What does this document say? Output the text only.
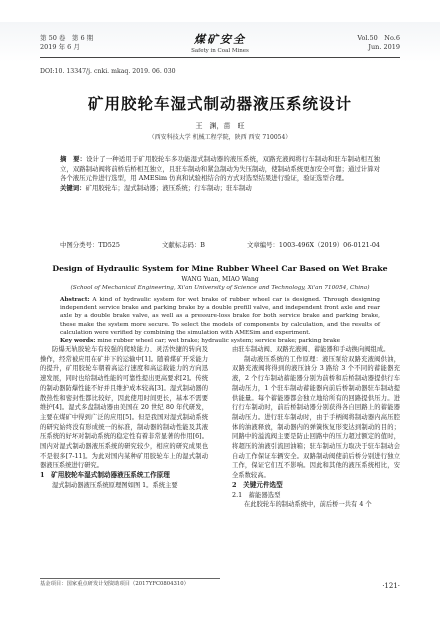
第 50 卷　第 6 期
2019 年 6 月
煤矿安全
Safety in Coal Mines
Vol.50　No.6
Jun. 2019
DOI:10. 13347/j. cnki. mkaq. 2019. 06. 030
矿用胶轮车湿式制动器液压系统设计
王　渊，苗　旺
（西安科技大学 机械工程学院，陕西 西安 710054）
摘　要：设计了一种适用于矿用胶轮车多功能湿式制动器的液压系统，双路充液阀将行车制动和驻车制动相互独立，双路制动阀将前桥后桥相互独立，且驻车制动和紧急制动为失压制动，使制动系统更加安全可靠；通过计算对各个液压元件进行选型，用 AMESim 仿真和试验相结合的方式对选型结果进行验证，验证选型合理。
关键词：矿用胶轮车；湿式制动器；液压系统；行车制动；驻车制动
中图分类号：TD525	文献标志码：B	文章编号：1003-496X（2019）06-0121-04
Design of Hydraulic System for Mine Rubber Wheel Car Based on Wet Brake
WANG Yuan, MIAO Wang
(School of Mechanical Engineering, Xi'an University of Science and Technology, Xi'an 710054, China)
Abstract: A kind of hydraulic system for wet brake of rubber wheel car is designed. Through designing independent service brake and parking brake by a double prefill valve, and independent front axle and rear axle by a double brake valve, as well as a pressure-loss brake for both service brake and parking brake, these make the system more secure. To select the models of components by calculation, and the results of calculation were verified by combining the simulation with AMESim and experiment.
Key words: mine rubber wheel car; wet brake; hydraulic system; service brake; parking brake

防爆无轨胶轮车有较强的爬坡能力、灵活快捷的转向及操作，经常被应用在矿井下的运输中[1]。随着煤矿开采能力的提升，矿用胶轮车朝着高运行速度和高运载能力的方向迅速发展，同时也给制动性能的可靠性提出更高要求[2]。传统的制动器防爆性能不好并且维护成本较高[3]。湿式制动器的散热性和密封性都比较好，因此使用时间更长，基本不需要维护[4]。湿式多盘制动器由美国在 20 世纪 80 年代研发，主要在煤矿中得到广泛的应用[5]。但是我国对湿式制动系统的研究始终没有形成统一的标准，制动器的制动性能及其液压系统的好坏对制动系统的稳定性有着非常显著的作用[6]。国内对湿式制动器液压系统的研究较少，相应的研究成果也不是很多[7-11]。为此对国内某种矿用胶轮车上的湿式制动器液压系统进行研究。

1　矿用胶轮车湿式制动器液压系统工作原理

湿式制动器液压系统原理图如图 1。系统主要

由驻车制动阀、双路充液阀、蓄能器和手动换向阀组成。

制动液压系统的工作原理：液压泵给双路充液阀供油，双路充液阀将得到的液压油分 3 路给 3 个不同的蓄能器充液，2 个行车制动蓄能器分别为前桥和后桥制动器提供行车制动压力，1 个驻车制动蓄能器向前后桥制动器驻车制动提供能量。每个蓄能器都会独立地给所有的回路提供压力。进行行车制动时，前后桥制动器分别获得各自回路上的蓄能器制动压力。进行驻车制动时，由于手柄阀将制动器内高压腔体的油液释放，制动器内的弹簧恢复形变达到制动的目的；同路中的溢流阀主要是防止回路中的压力超过额定的值时，将超压的油液引流回油箱；驻车制动压力取决于驻车制动会自动工作保证车辆安全。双路制动阀使前后桥分别进行独立工作，保证它们互不影响。因此和其他的液压系统相比，安全系数较高。

2　关键元件选型

2.1　蓄能器选型

在此胶轮车的制动系统中，前后桥一共有 4 个

基金项目：国家重点研发计划资助项目（2017YFC0804310）	·121·
